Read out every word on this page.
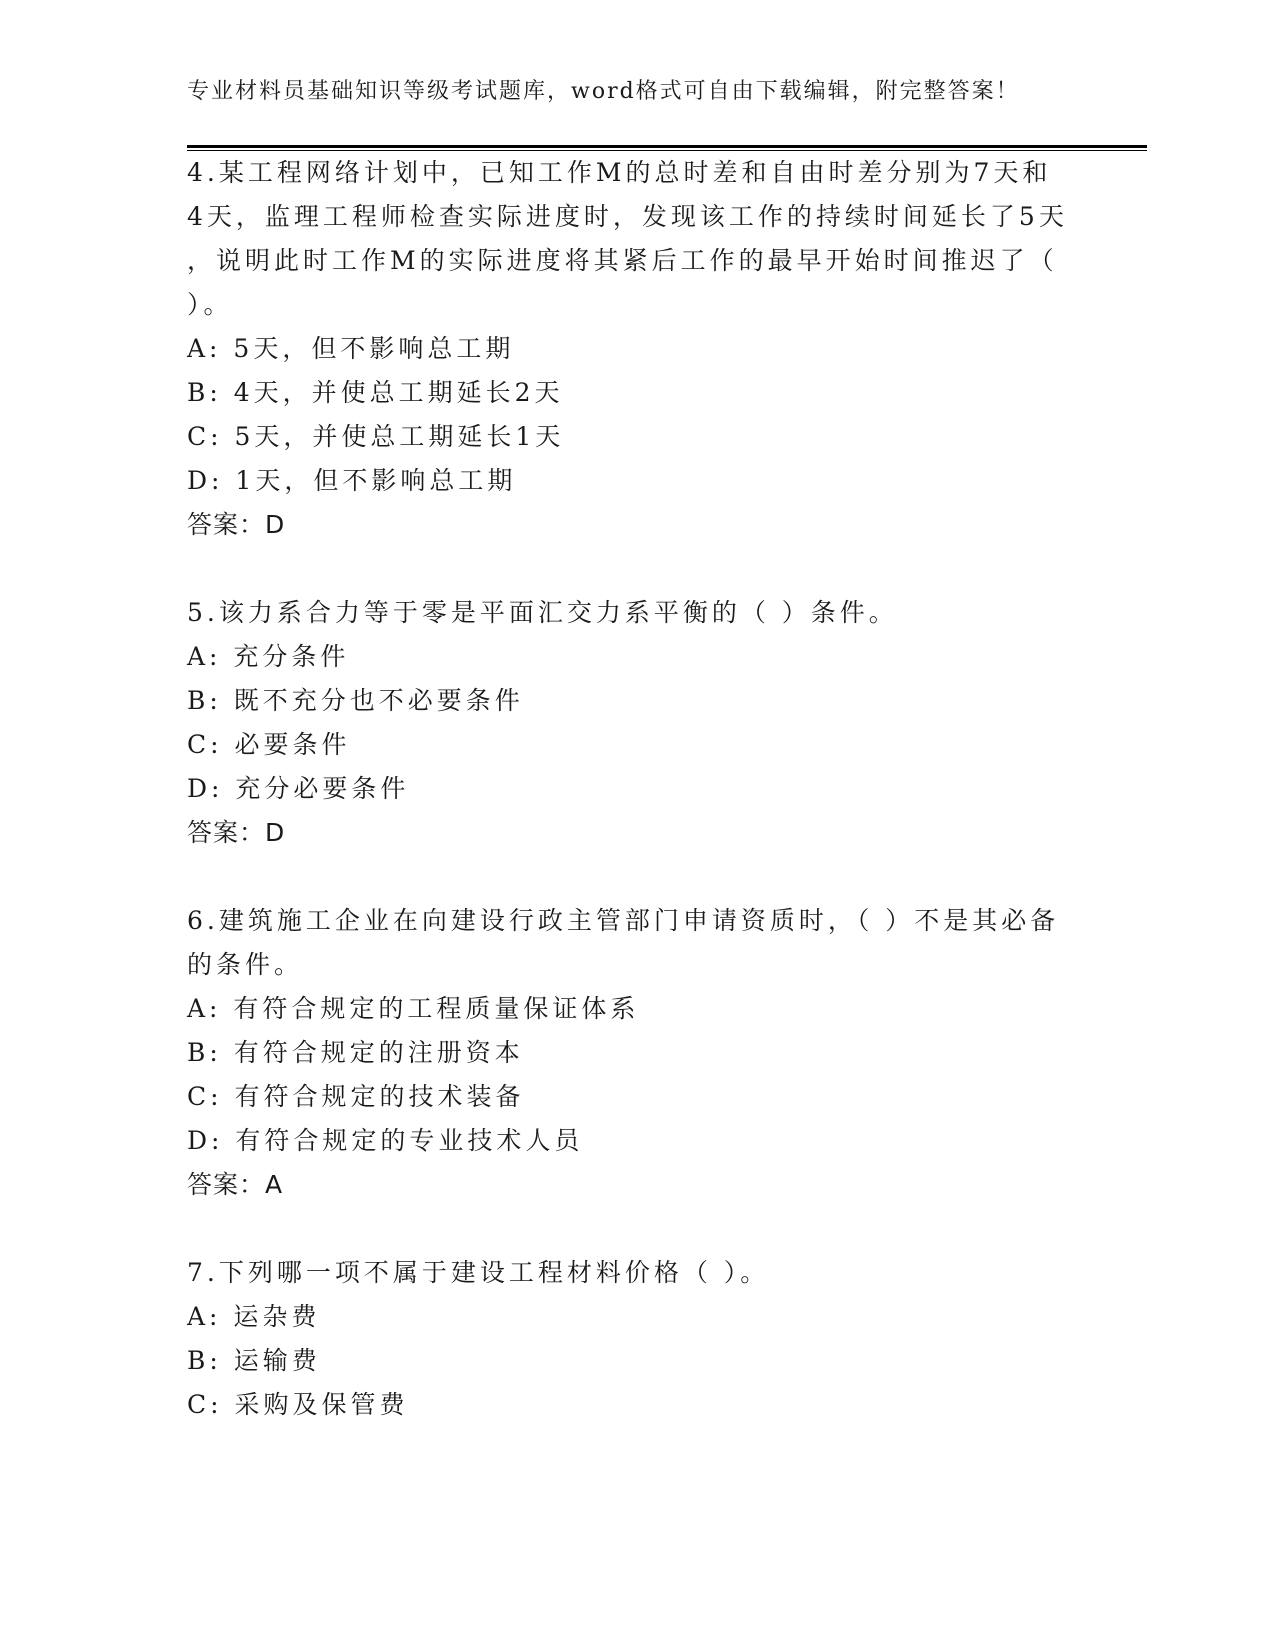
专业材料员基础知识等级考试题库，word格式可自由下载编辑，附完整答案！
4.某工程网络计划中，已知工作M的总时差和自由时差分别为7天和
4天，监理工程师检查实际进度时，发现该工作的持续时间延长了5天
，说明此时工作M的实际进度将其紧后工作的最早开始时间推迟了（
）。
A: 5天，但不影响总工期
B: 4天，并使总工期延长2天
C: 5天，并使总工期延长1天
D: 1天，但不影响总工期
答案：D
5.该力系合力等于零是平面汇交力系平衡的（ ）条件。
A: 充分条件
B: 既不充分也不必要条件
C: 必要条件
D: 充分必要条件
答案：D
6.建筑施工企业在向建设行政主管部门申请资质时，（ ）不是其必备
的条件。
A: 有符合规定的工程质量保证体系
B: 有符合规定的注册资本
C: 有符合规定的技术装备
D: 有符合规定的专业技术人员
答案：A
7.下列哪一项不属于建设工程材料价格（ ）。
A: 运杂费
B: 运输费
C: 采购及保管费
